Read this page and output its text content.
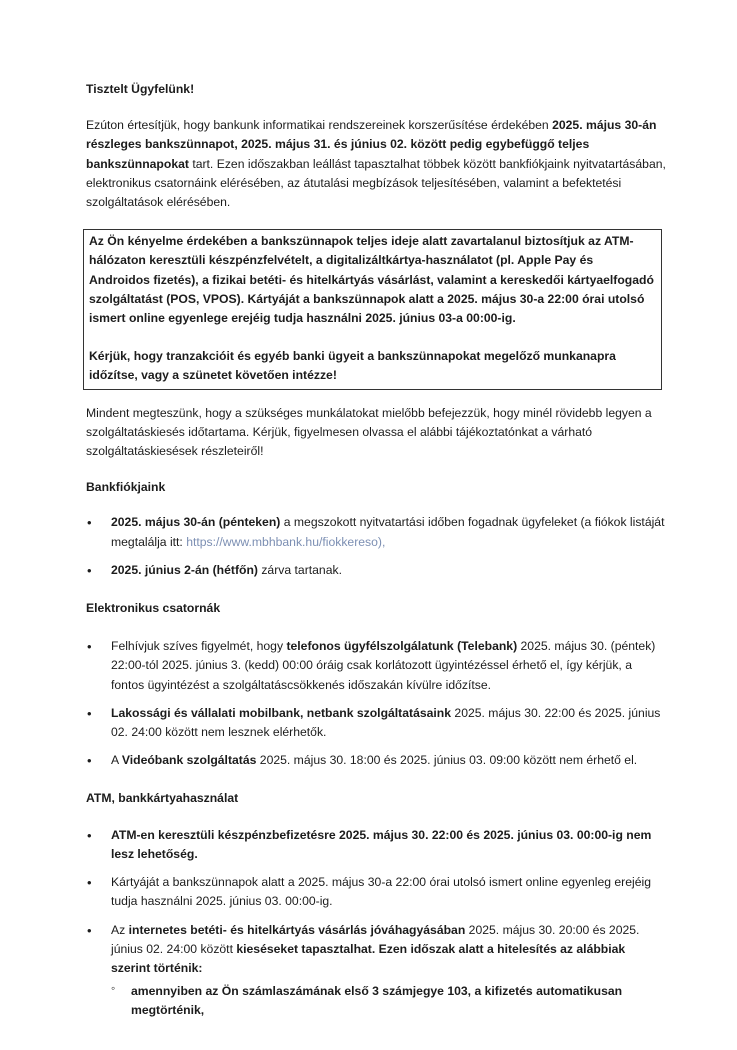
Tisztelt Ügyfelünk!

Ezúton értesítjük, hogy bankunk informatikai rendszereinek korszerűsítése érdekében 2025. május 30-án részleges bankszünnapot, 2025. május 31. és június 02. között pedig egybefüggő teljes bankszünnapokat tart. Ezen időszakban leállást tapasztalhat többek között bankfiókjaink nyitvatartásában, elektronikus csatornáink elérésében, az átutalási megbízások teljesítésében, valamint a befektetési szolgáltatások elérésében.

Az Ön kényelme érdekében a bankszünnapok teljes ideje alatt zavartalanul biztosítjuk az ATM-hálózaton keresztüli készpénzfelvételt, a digitalizáltkártya-használatot (pl. Apple Pay és Androidos fizetés), a fizikai betéti- és hitelkártyás vásárlást, valamint a kereskedői kártyaelfogadó szolgáltatást (POS, VPOS). Kártyáját a bankszünnapok alatt a 2025. május 30-a 22:00 órai utolsó ismert online egyenlege erejéig tudja használni 2025. június 03-a 00:00-ig.

Kérjük, hogy tranzakcióit és egyéb banki ügyeit a bankszünnapokat megelőző munkanapra időzítse, vagy a szünetet követően intézze!

Mindent megteszünk, hogy a szükséges munkálatokat mielőbb befejezzük, hogy minél rövidebb legyen a szolgáltatáskiesés időtartama. Kérjük, figyelmesen olvassa el alábbi tájékoztatónkat a várható szolgáltatáskiesések részleteiről!

Bankfiókjaink
• 2025. május 30-án (pénteken) a megszokott nyitvatartási időben fogadnak ügyfeleket (a fiókok listáját megtalálja itt: https://www.mbhbank.hu/fiokkereso),
• 2025. június 2-án (hétfőn) zárva tartanak.
Elektronikus csatornák
• Felhívjuk szíves figyelmét, hogy telefonos ügyfélszolgálatunk (Telebank) 2025. május 30. (péntek) 22:00-tól 2025. június 3. (kedd) 00:00 óráig csak korlátozott ügyintézéssel érhető el, így kérjük, a fontos ügyintézést a szolgáltatáscsökkenés időszakán kívülre időzítse.
• Lakossági és vállalati mobilbank, netbank szolgáltatásaink 2025. május 30. 22:00 és 2025. június 02. 24:00 között nem lesznek elérhetők.
• A Videóbank szolgáltatás 2025. május 30. 18:00 és 2025. június 03. 09:00 között nem érhető el.
ATM, bankkártyahasználat
• ATM-en keresztüli készpénzbefizetésre 2025. május 30. 22:00 és 2025. június 03. 00:00-ig nem lesz lehetőség.
• Kártyáját a bankszünnapok alatt a 2025. május 30-a 22:00 órai utolsó ismert online egyenleg erejéig tudja használni 2025. június 03. 00:00-ig.
• Az internetes betéti- és hitelkártyás vásárlás jóváhagyásában 2025. május 30. 20:00 és 2025. június 02. 24:00 között kieséseket tapasztalhat. Ezen időszak alatt a hitelesítés az alábbiak szerint történik:
◦ amennyiben az Ön számlaszámának első 3 számjegye 103, a kifizetés automatikusan megtörténik,
